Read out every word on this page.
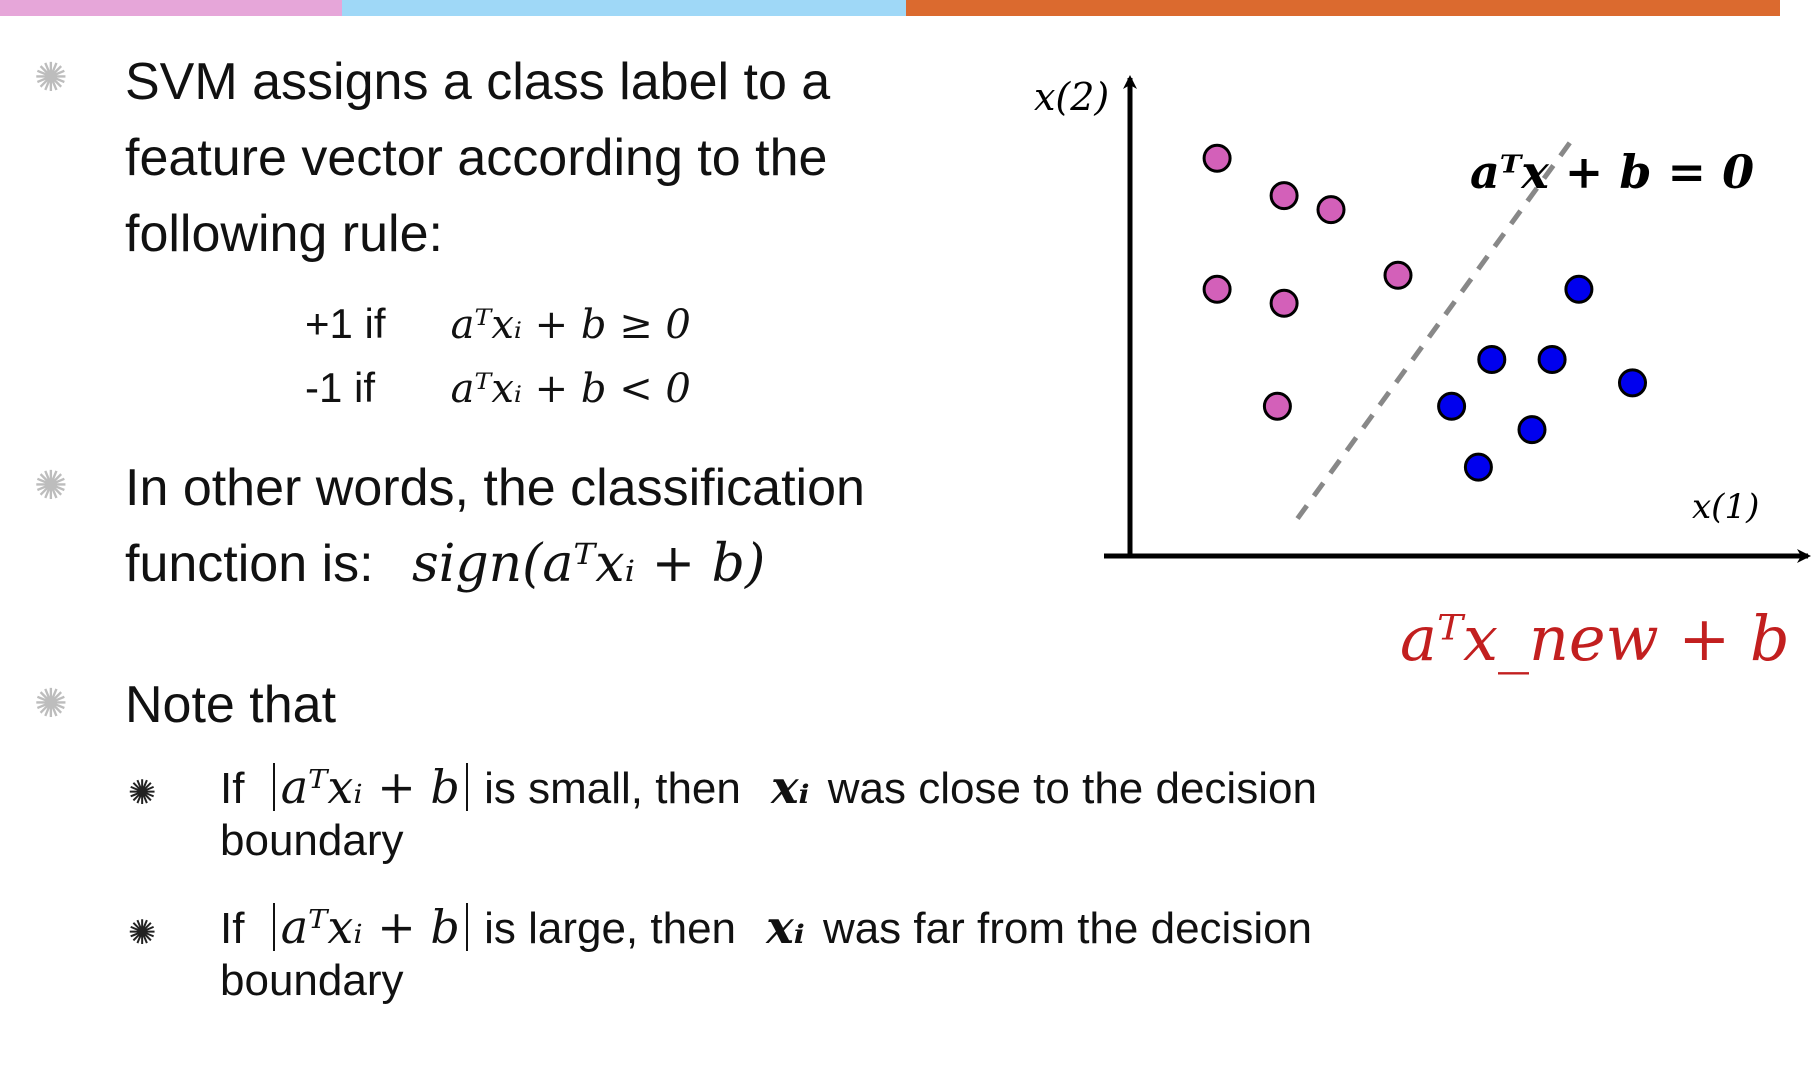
✺ SVM assigns a class label to a
feature vector according to the
following rule:
+1 if aᵀxᵢ + b ≥ 0
-1 if aᵀxᵢ + b < 0
✺ In other words, the classification
function is: sign(aᵀxᵢ + b)
✺ Note that
✺ If aᵀxᵢ + b is small, then xᵢ was close to the decision
boundary
✺ If aᵀxᵢ + b is large, then xᵢ was far from the decision
boundary
x(2)
x(1)
aᵀx + b = 0
aᵀx_new + b
